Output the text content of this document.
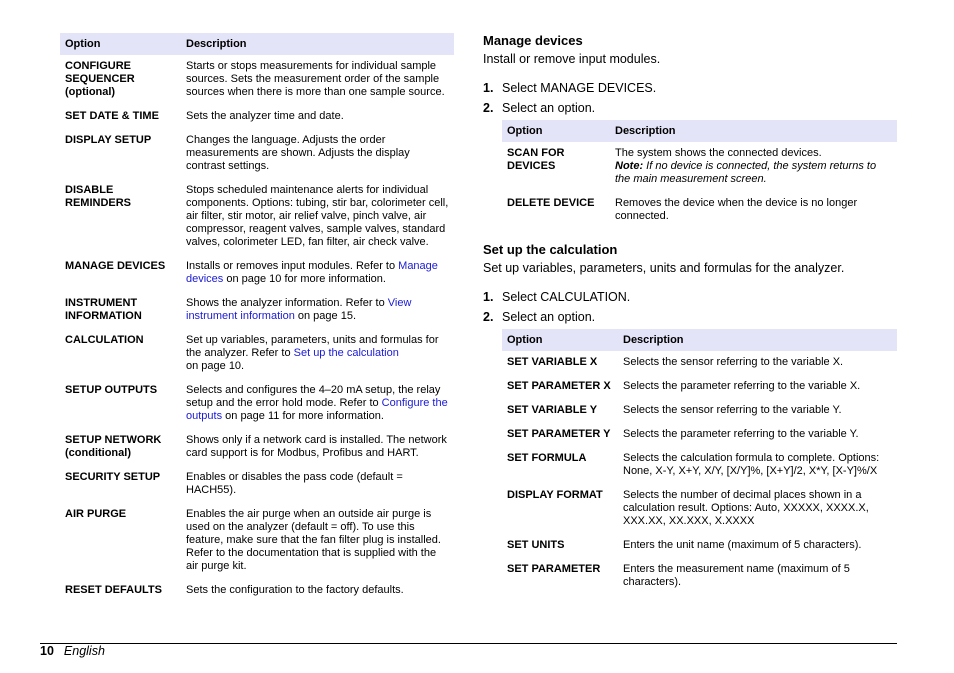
Option	Description
CONFIGURE SEQUENCER (optional)	Starts or stops measurements for individual sample sources. Sets the measurement order of the sample sources when there is more than one sample source.
SET DATE & TIME	Sets the analyzer time and date.
DISPLAY SETUP	Changes the language. Adjusts the order measurements are shown. Adjusts the display contrast settings.
DISABLE REMINDERS	Stops scheduled maintenance alerts for individual components. Options: tubing, stir bar, colorimeter cell, air filter, stir motor, air relief valve, pinch valve, air compressor, reagent valves, sample valves, standard valves, colorimeter LED, fan filter, air check valve.
MANAGE DEVICES	Installs or removes input modules. Refer to Manage devices on page 10 for more information.
INSTRUMENT INFORMATION	Shows the analyzer information. Refer to View instrument information on page 15.
CALCULATION	Set up variables, parameters, units and formulas for the analyzer. Refer to Set up the calculation
on page 10.
SETUP OUTPUTS	Selects and configures the 4–20 mA setup, the relay setup and the error hold mode. Refer to Configure the outputs on page 11 for more information.
SETUP NETWORK (conditional)	Shows only if a network card is installed. The network card support is for Modbus, Profibus and HART.
SECURITY SETUP	Enables or disables the pass code (default = HACH55).
AIR PURGE	Enables the air purge when an outside air purge is used on the analyzer (default = off). To use this feature, make sure that the fan filter plug is installed. Refer to the documentation that is supplied with the air purge kit.
RESET DEFAULTS	Sets the configuration to the factory defaults.
Manage devices

Install or remove input modules.

1. Select MANAGE DEVICES.
2. Select an option.
Option	Description
SCAN FOR DEVICES	The system shows the connected devices.
Note: If no device is connected, the system returns to the main measurement screen.
DELETE DEVICE	Removes the device when the device is no longer connected.
Set up the calculation

Set up variables, parameters, units and formulas for the analyzer.

1. Select CALCULATION.
2. Select an option.
Option	Description
SET VARIABLE X	Selects the sensor referring to the variable X.
SET PARAMETER X	Selects the parameter referring to the variable X.
SET VARIABLE Y	Selects the sensor referring to the variable Y.
SET PARAMETER Y	Selects the parameter referring to the variable Y.
SET FORMULA	Selects the calculation formula to complete. Options: None, X-Y, X+Y, X/Y, [X/Y]%, [X+Y]/2, X*Y, [X-Y]%/X
DISPLAY FORMAT	Selects the number of decimal places shown in a calculation result. Options: Auto, XXXXX, XXXX.X, XXX.XX, XX.XXX, X.XXXX
SET UNITS	Enters the unit name (maximum of 5 characters).
SET PARAMETER	Enters the measurement name (maximum of 5 characters).
10 English
